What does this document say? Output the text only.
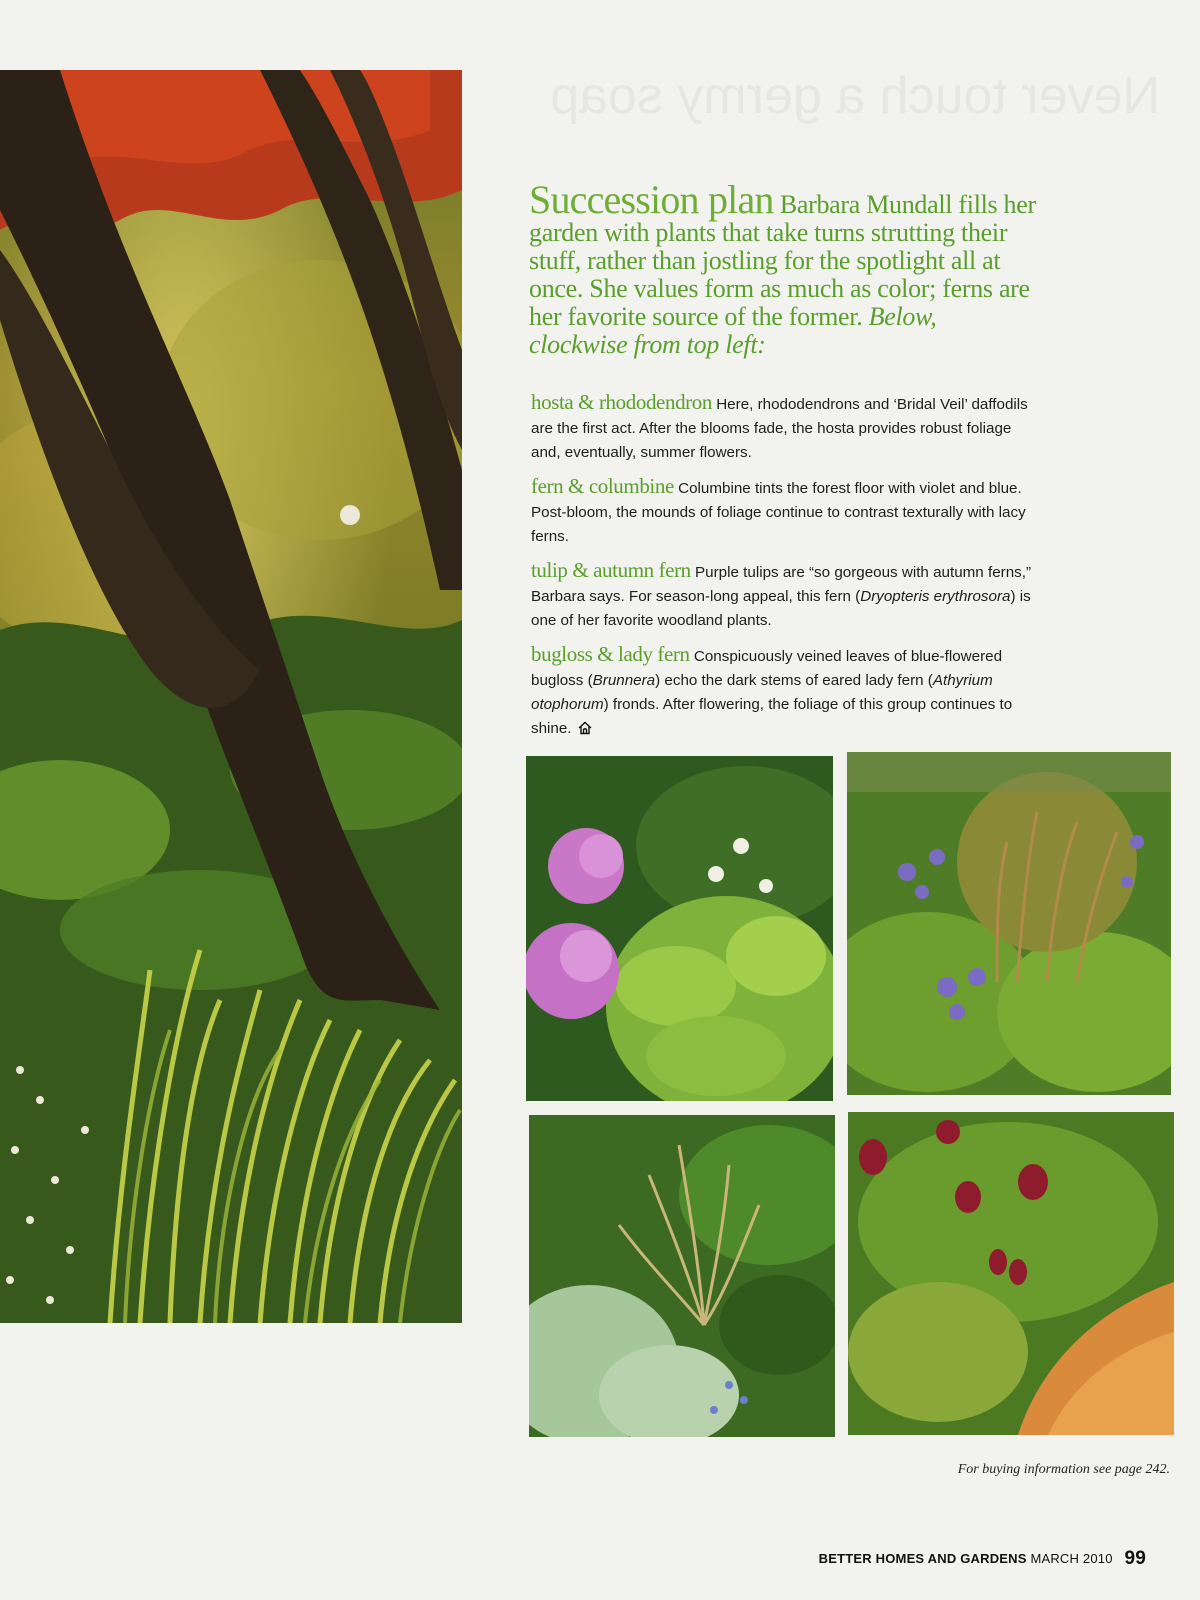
Never touch a germy soap
Succession plan Barbara Mundall fills her garden with plants that take turns strutting their stuff, rather than jostling for the spotlight all at once. She values form as much as color; ferns are her favorite source of the former. Below, clockwise from top left:
hosta & rhododendron Here, rhododendrons and ‘Bridal Veil’ daffodils are the first act. After the blooms fade, the hosta provides robust foliage and, eventually, summer flowers.
fern & columbine Columbine tints the forest floor with violet and blue. Post-bloom, the mounds of foliage continue to contrast texturally with lacy ferns.
tulip & autumn fern Purple tulips are “so gorgeous with autumn ferns,” Barbara says. For season-long appeal, this fern (Dryopteris erythrosora) is one of her favorite woodland plants.
bugloss & lady fern Conspicuously veined leaves of blue-flowered bugloss (Brunnera) echo the dark stems of eared lady fern (Athyrium otophorum) fronds. After flowering, the foliage of this group continues to shine.
For buying information see page 242.
BETTER HOMES AND GARDENS MARCH 2010 99
